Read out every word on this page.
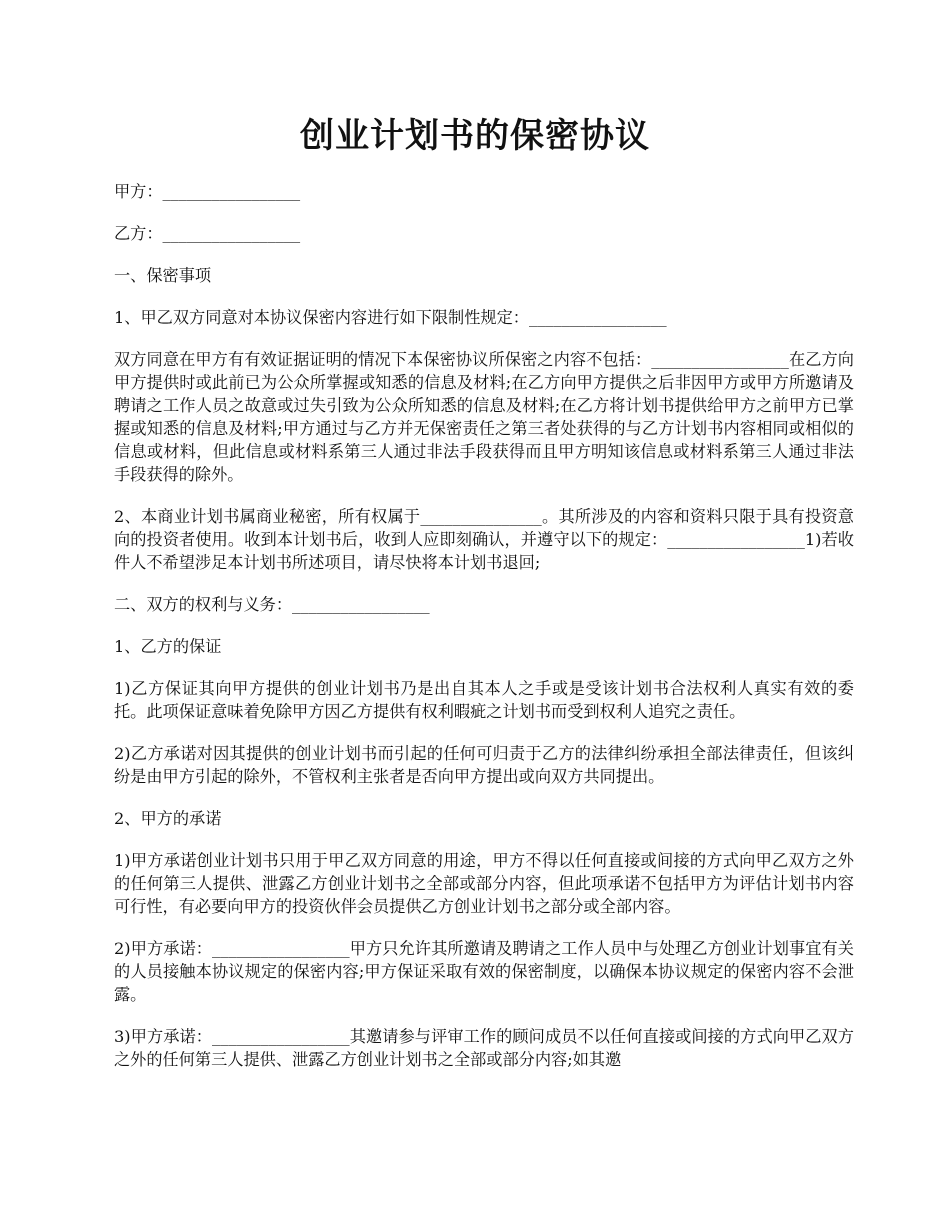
创业计划书的保密协议

甲方：_________________

乙方：_________________

一、保密事项

1、甲乙双方同意对本协议保密内容进行如下限制性规定：_________________

双方同意在甲方有有效证据证明的情况下本保密协议所保密之内容不包括：_________________在乙方向甲方提供时或此前已为公众所掌握或知悉的信息及材料;在乙方向甲方提供之后非因甲方或甲方所邀请及聘请之工作人员之故意或过失引致为公众所知悉的信息及材料;在乙方将计划书提供给甲方之前甲方已掌握或知悉的信息及材料;甲方通过与乙方并无保密责任之第三者处获得的与乙方计划书内容相同或相似的信息或材料，但此信息或材料系第三人通过非法手段获得而且甲方明知该信息或材料系第三人通过非法手段获得的除外。

2、本商业计划书属商业秘密，所有权属于_______________。其所涉及的内容和资料只限于具有投资意向的投资者使用。收到本计划书后，收到人应即刻确认，并遵守以下的规定：_________________1)若收件人不希望涉足本计划书所述项目，请尽快将本计划书退回;

二、双方的权利与义务：_________________

1、乙方的保证

1)乙方保证其向甲方提供的创业计划书乃是出自其本人之手或是受该计划书合法权利人真实有效的委托。此项保证意味着免除甲方因乙方提供有权利暇疵之计划书而受到权利人追究之责任。

2)乙方承诺对因其提供的创业计划书而引起的任何可归责于乙方的法律纠纷承担全部法律责任，但该纠纷是由甲方引起的除外，不管权利主张者是否向甲方提出或向双方共同提出。

2、甲方的承诺

1)甲方承诺创业计划书只用于甲乙双方同意的用途，甲方不得以任何直接或间接的方式向甲乙双方之外的任何第三人提供、泄露乙方创业计划书之全部或部分内容，但此项承诺不包括甲方为评估计划书内容可行性，有必要向甲方的投资伙伴会员提供乙方创业计划书之部分或全部内容。

2)甲方承诺：_________________甲方只允许其所邀请及聘请之工作人员中与处理乙方创业计划事宜有关的人员接触本协议规定的保密内容;甲方保证采取有效的保密制度，以确保本协议规定的保密内容不会泄露。

3)甲方承诺：_________________其邀请参与评审工作的顾问成员不以任何直接或间接的方式向甲乙双方之外的任何第三人提供、泄露乙方创业计划书之全部或部分内容;如其邀
